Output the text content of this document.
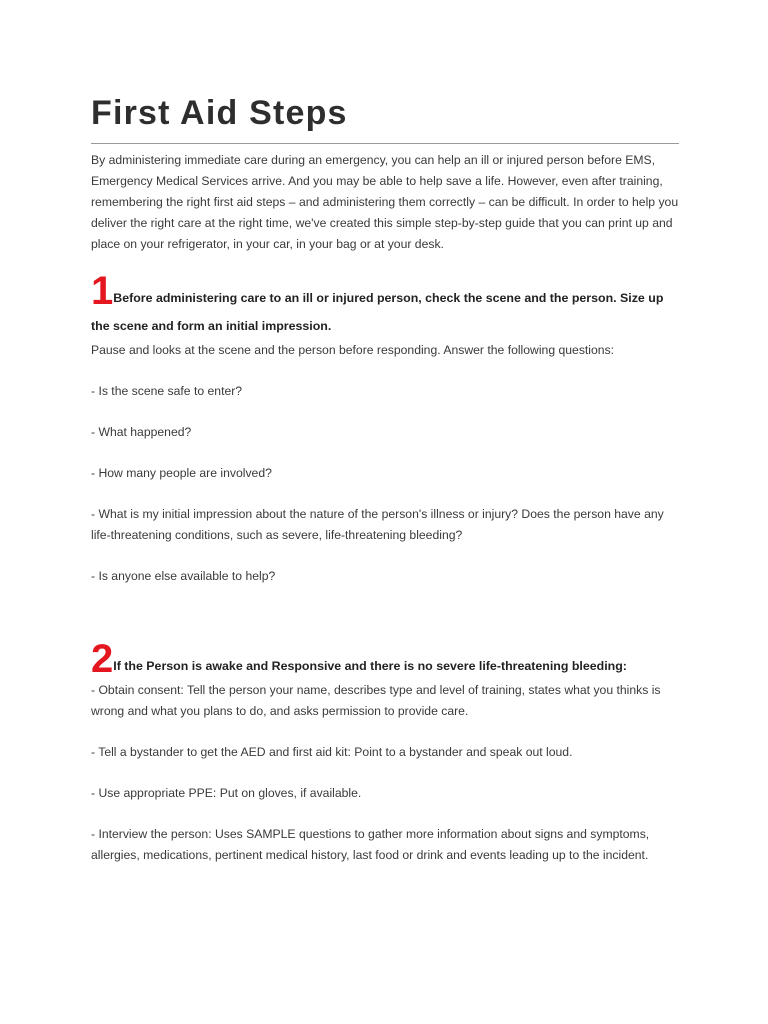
First Aid Steps

By administering immediate care during an emergency, you can help an ill or injured person before EMS, Emergency Medical Services arrive. And you may be able to help save a life. However, even after training, remembering the right first aid steps – and administering them correctly – can be difficult. In order to help you deliver the right care at the right time, we've created this simple step-by-step guide that you can print up and place on your refrigerator, in your car, in your bag or at your desk.

1 Before administering care to an ill or injured person, check the scene and the person. Size up the scene and form an initial impression.

Pause and looks at the scene and the person before responding. Answer the following questions:

- Is the scene safe to enter?

- What happened?

- How many people are involved?

- What is my initial impression about the nature of the person's illness or injury? Does the person have any life-threatening conditions, such as severe, life-threatening bleeding?

- Is anyone else available to help?

2 If the Person is awake and Responsive and there is no severe life-threatening bleeding:

- Obtain consent: Tell the person your name, describes type and level of training, states what you thinks is wrong and what you plans to do, and asks permission to provide care.

- Tell a bystander to get the AED and first aid kit: Point to a bystander and speak out loud.

- Use appropriate PPE: Put on gloves, if available.

- Interview the person: Uses SAMPLE questions to gather more information about signs and symptoms, allergies, medications, pertinent medical history, last food or drink and events leading up to the incident.
